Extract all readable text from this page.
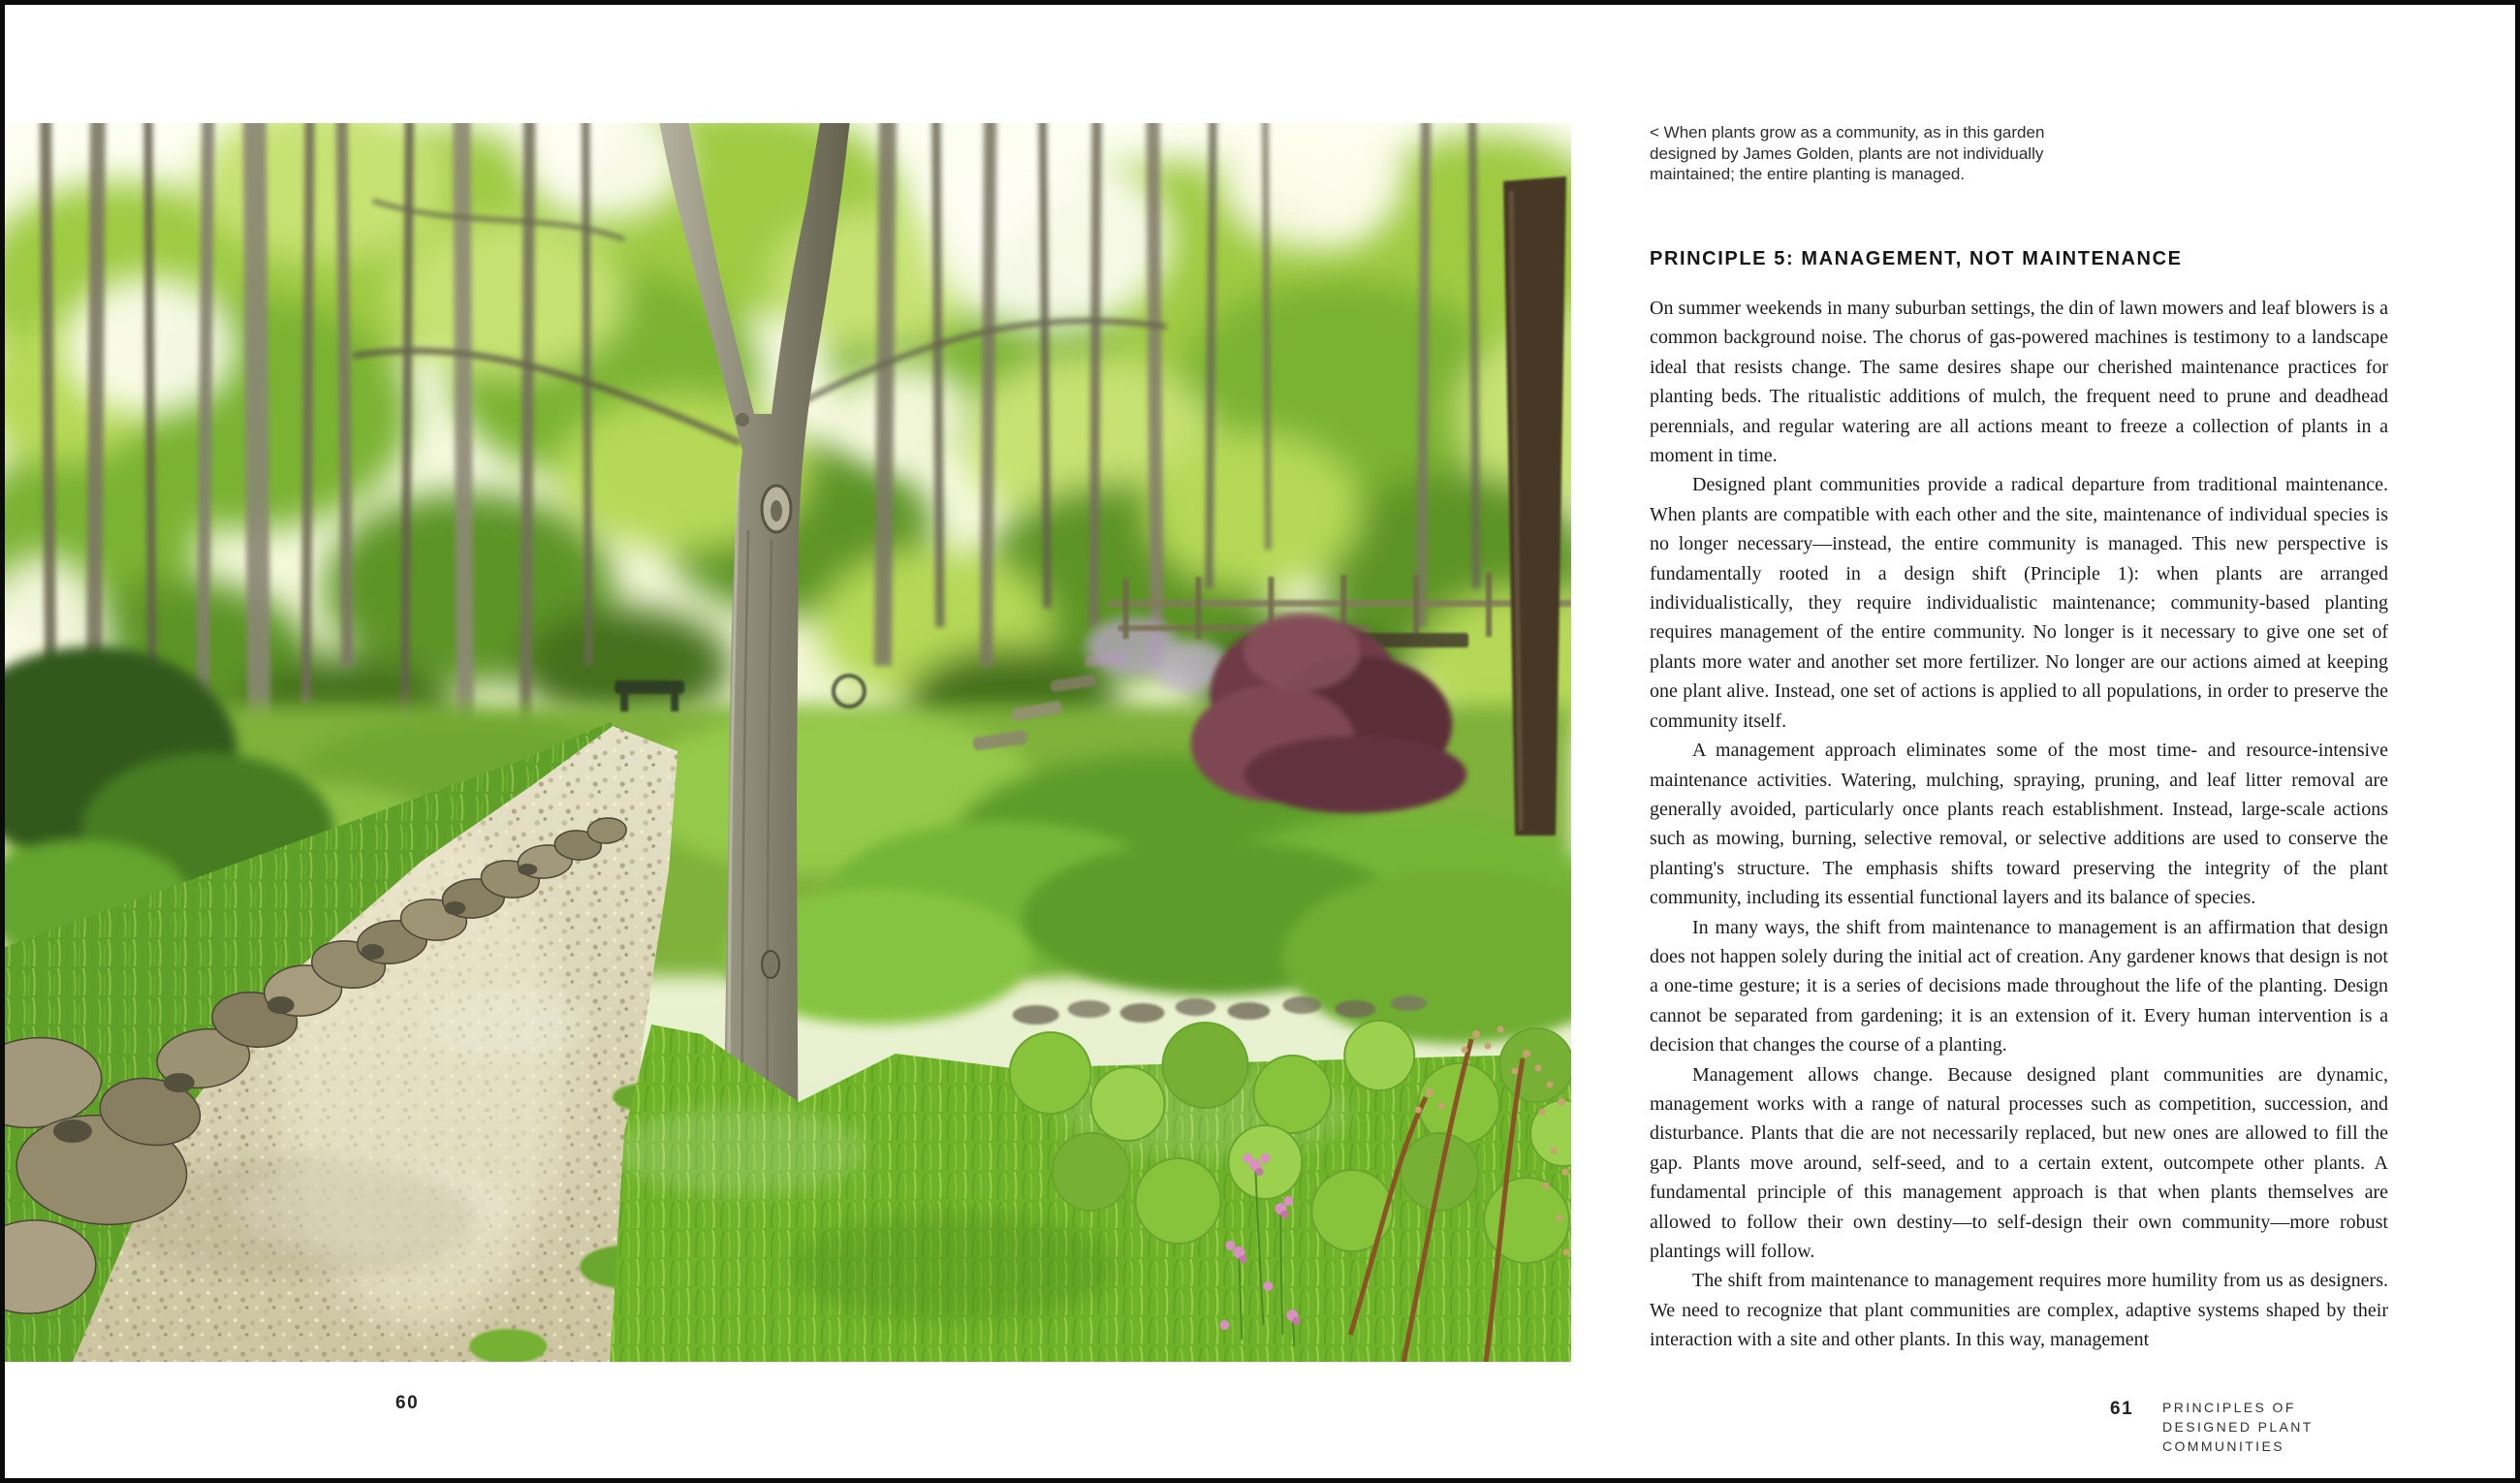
60
< When plants grow as a community, as in this garden designed by James Golden, plants are not individually maintained; the entire planting is managed.
PRINCIPLE 5: MANAGEMENT, NOT MAINTENANCE

On summer weekends in many suburban settings, the din of lawn mowers and leaf blowers is a common background noise. The chorus of gas-powered machines is testimony to a landscape ideal that resists change. The same desires shape our cherished maintenance practices for planting beds. The ritualistic additions of mulch, the frequent need to prune and deadhead perennials, and regular watering are all actions meant to freeze a collection of plants in a moment in time.

Designed plant communities provide a radical departure from traditional maintenance. When plants are compatible with each other and the site, maintenance of individual species is no longer necessary—instead, the entire community is managed. This new perspective is fundamentally rooted in a design shift (Principle 1): when plants are arranged individualistically, they require individualistic maintenance; community-based planting requires management of the entire community. No longer is it necessary to give one set of plants more water and another set more fertilizer. No longer are our actions aimed at keeping one plant alive. Instead, one set of actions is applied to all populations, in order to preserve the community itself.

A management approach eliminates some of the most time- and resource-intensive maintenance activities. Watering, mulching, spraying, pruning, and leaf litter removal are generally avoided, particularly once plants reach establishment. Instead, large-scale actions such as mowing, burning, selective removal, or selective additions are used to conserve the planting's structure. The emphasis shifts toward preserving the integrity of the plant community, including its essential functional layers and its balance of species.

In many ways, the shift from maintenance to management is an affirmation that design does not happen solely during the initial act of creation. Any gardener knows that design is not a one-time gesture; it is a series of decisions made throughout the life of the planting. Design cannot be separated from gardening; it is an extension of it. Every human intervention is a decision that changes the course of a planting.

Management allows change. Because designed plant communities are dynamic, management works with a range of natural processes such as competition, succession, and disturbance. Plants that die are not necessarily replaced, but new ones are allowed to fill the gap. Plants move around, self-seed, and to a certain extent, outcompete other plants. A fundamental principle of this management approach is that when plants themselves are allowed to follow their own destiny—to self-design their own community—more robust plantings will follow.

The shift from maintenance to management requires more humility from us as designers. We need to recognize that plant communities are complex, adaptive systems shaped by their interaction with a site and other plants. In this way, management

61 PRINCIPLES OF
DESIGNED PLANT
COMMUNITIES
